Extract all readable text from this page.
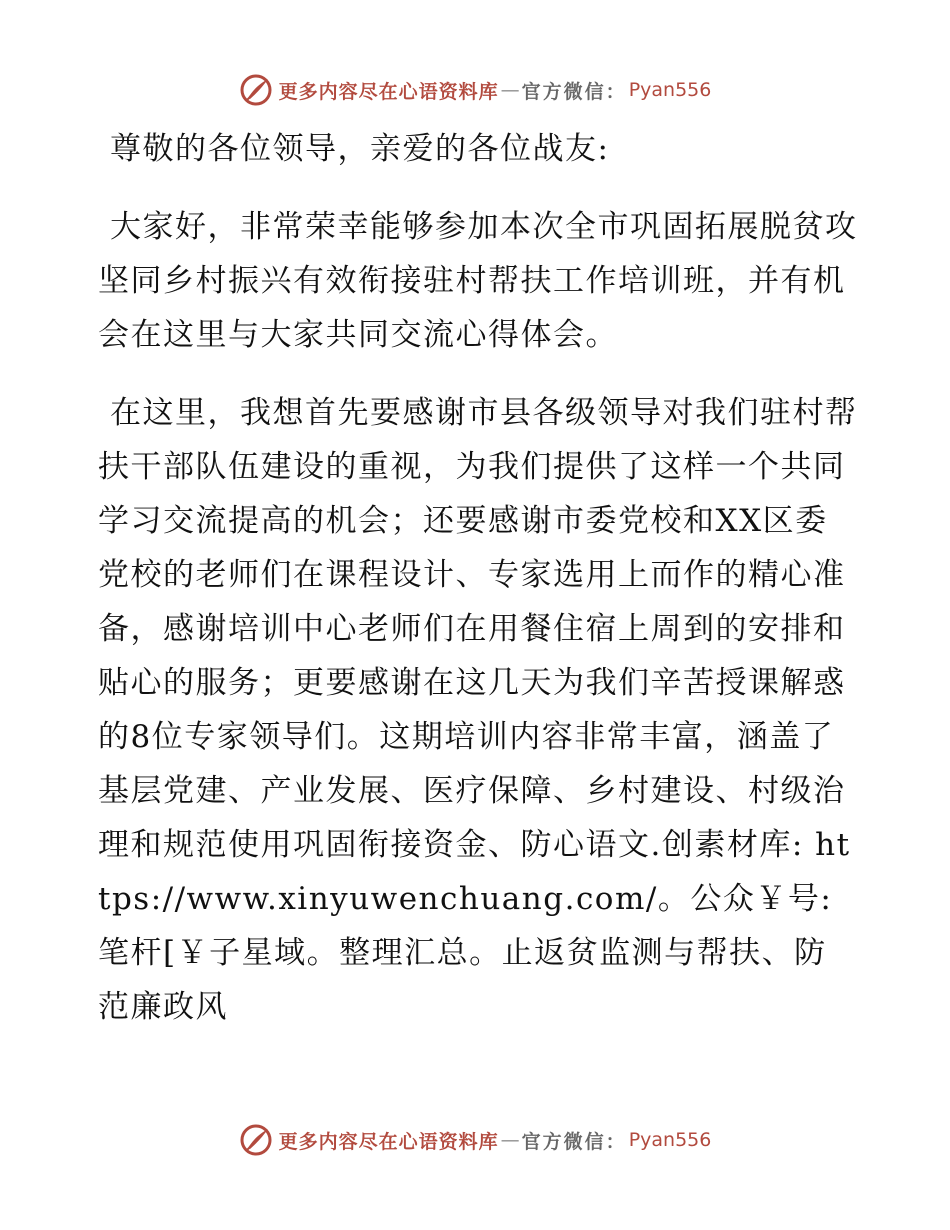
更多内容尽在心语资料库 — 官方微信： Pyan556

尊敬的各位领导，亲爱的各位战友:

大家好，非常荣幸能够参加本次全市巩固拓展脱贫攻坚同乡村振兴有效衔接驻村帮扶工作培训班，并有机会在这里与大家共同交流心得体会。

在这里，我想首先要感谢市县各级领导对我们驻村帮扶干部队伍建设的重视，为我们提供了这样一个共同学习交流提高的机会；还要感谢市委党校和XX区委党校的老师们在课程设计、专家选用上而作的精心准备，感谢培训中心老师们在用餐住宿上周到的安排和贴心的服务；更要感谢在这几天为我们辛苦授课解惑的8位专家领导们。这期培训内容非常丰富，涵盖了基层党建、产业发展、医疗保障、乡村建设、村级治理和规范使用巩固衔接资金、防心语文.创素材库: https://www.xinyuwenchuang.com/。公众￥号: 笔杆[￥子星域。整理汇总。止返贫监测与帮扶、防范廉政风

更多内容尽在心语资料库 — 官方微信： Pyan556
